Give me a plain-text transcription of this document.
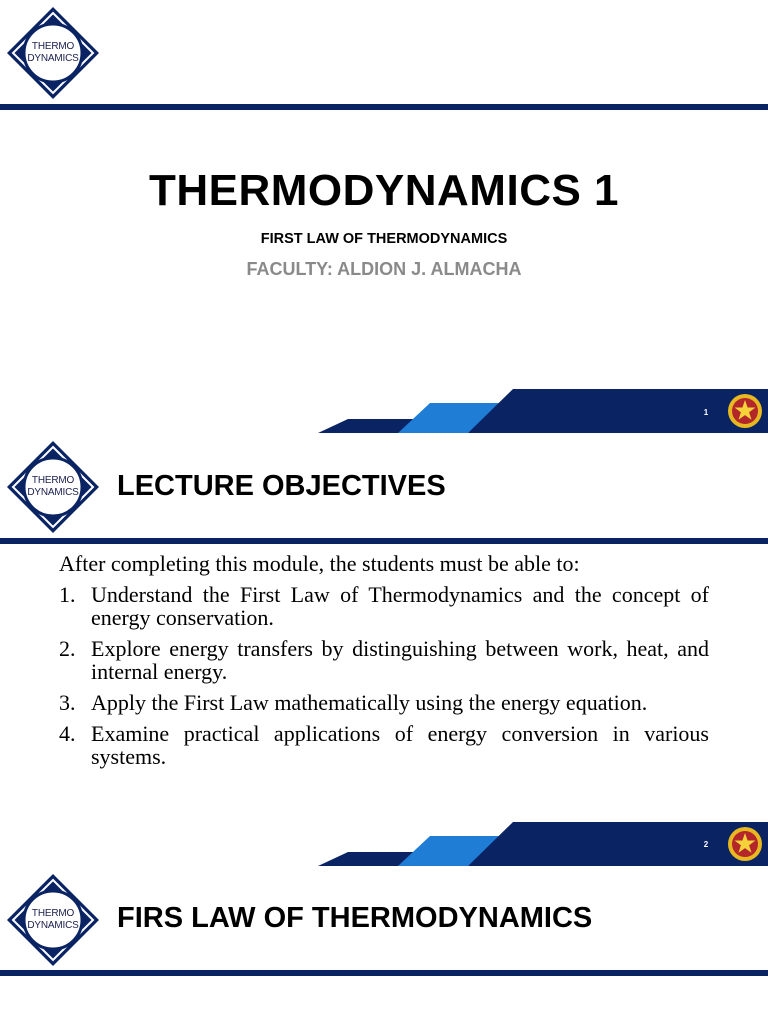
THERMO
DYNAMICS
THERMODYNAMICS 1
FIRST LAW OF THERMODYNAMICS
FACULTY: ALDION J. ALMACHA
1
THERMO
DYNAMICS	LECTURE OBJECTIVES

After completing this module, the students must be able to:

1. Understand the First Law of Thermodynamics and the concept of energy conservation.
2. Explore energy transfers by distinguishing between work, heat, and internal energy.
3. Apply the First Law mathematically using the energy equation.
4. Examine practical applications of energy conversion in various systems.
2
THERMO
DYNAMICS	FIRS LAW OF THERMODYNAMICS
